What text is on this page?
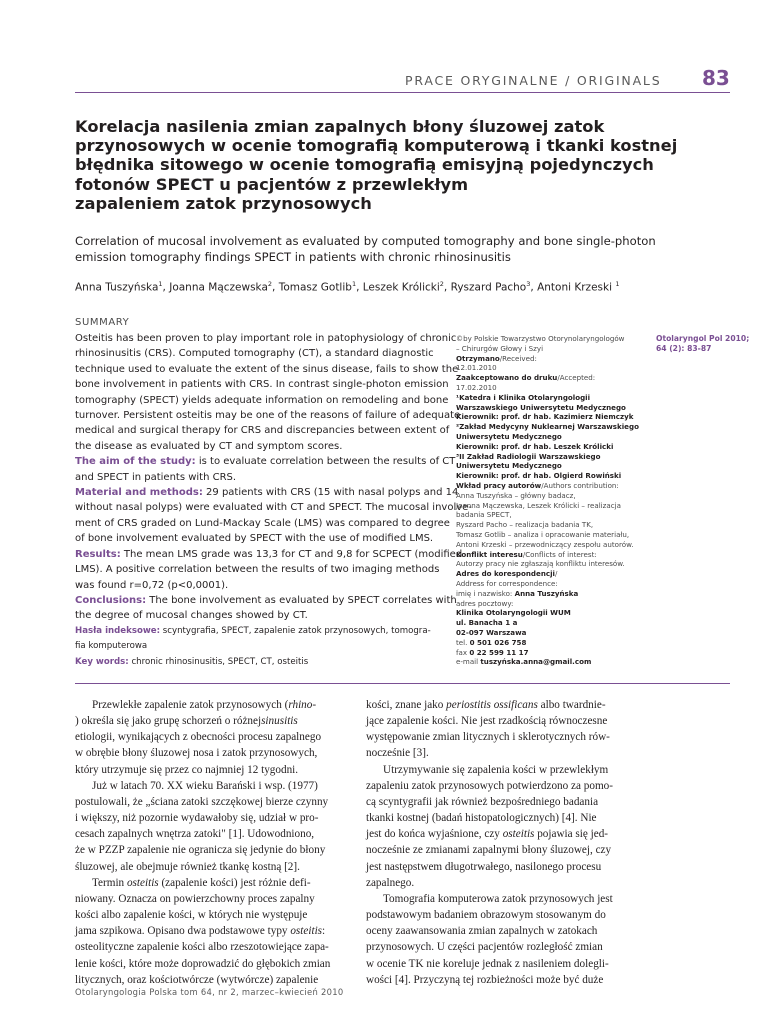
PRACE ORYGINALNE / ORIGINALS 83
Korelacja nasilenia zmian zapalnych błony śluzowej zatok
przynosowych w ocenie tomografią komputerową i tkanki kostnej
błędnika sitowego w ocenie tomografią emisyjną pojedynczych
fotonów SPECT u pacjentów z przewlekłym
zapaleniem zatok przynosowych
Correlation of mucosal involvement as evaluated by computed tomography and bone single-photon
emission tomography findings SPECT in patients with chronic rhinosinusitis
Anna Tuszyńska$^1$, Joanna Mączewska$^2$, Tomasz Gotlib$^1$, Leszek Królicki$^2$, Ryszard Pacho$^3$, Antoni Krzeski $^1$
SUMMARY
Osteitis has been proven to play important role in patophysiology of chronic
rhinosinusitis (CRS). Computed tomography (CT), a standard diagnostic
technique used to evaluate the extent of the sinus disease, fails to show the
bone involvement in patients with CRS. In contrast single-photon emission
tomography (SPECT) yields adequate information on remodeling and bone
turnover. Persistent osteitis may be one of the reasons of failure of adequate
medical and surgical therapy for CRS and discrepancies between extent of
the disease as evaluated by CT and symptom scores.
The aim of the study: is to evaluate correlation between the results of CT
and SPECT in patients with CRS.
Material and methods: 29 patients with CRS (15 with nasal polyps and 14
without nasal polyps) were evaluated with CT and SPECT. The mucosal involve-
ment of CRS graded on Lund-Mackay Scale (LMS) was compared to degree
of bone involvement evaluated by SPECT with the use of modified LMS.
Results: The mean LMS grade was 13,3 for CT and 9,8 for SCPECT (modified
LMS). A positive correlation between the results of two imaging methods
was found r=0,72 (p<0,0001).
Conclusions: The bone involvement as evaluated by SPECT correlates with
the degree of mucosal changes showed by CT.
Hasła indeksowe: scyntygrafia, SPECT, zapalenie zatok przynosowych, tomogra-
fia komputerowa
Key words: chronic rhinosinusitis, SPECT, CT, osteitis
©by Polskie Towarzystwo Otorynolaryngologów
– Chirurgów Głowy i Szyi
Otrzymano/Received:
12.01.2010
Zaakceptowano do druku/Accepted:
17.02.2010
¹Katedra i Klinika Otolaryngologii
Warszawskiego Uniwersytetu Medycznego
Kierownik: prof. dr hab. Kazimierz Niemczyk
²Zakład Medycyny Nuklearnej Warszawskiego
Uniwersytetu Medycznego
Kierownik: prof. dr hab. Leszek Królicki
³II Zakład Radiologii Warszawskiego
Uniwersytetu Medycznego
Kierownik: prof. dr hab. Olgierd Rowiński
Wkład pracy autorów/Authors contribution:
Anna Tuszyńska – główny badacz,
Joanna Mączewska, Leszek Królicki – realizacja
badania SPECT,
Ryszard Pacho – realizacja badania TK,
Tomasz Gotlib – analiza i opracowanie materiału,
Antoni Krzeski – przewodniczący zespołu autorów.
Konflikt interesu/Conflicts of interest:
Autorzy pracy nie zgłaszają konfliktu interesów.
Adres do korespondencji/
Address for correspondence:
imię i nazwisko: Anna Tuszyńska
adres pocztowy:
Klinika Otolaryngologii WUM
ul. Banacha 1 a
02-097 Warszawa
tel. 0 501 026 758
fax 0 22 599 11 17
e-mail tuszyńska.anna@gmail.com
Otolaryngol Pol 2010;
64 (2): 83-87
Przewlekłe zapalenie zatok przynosowych (rhino-
) określa się jako grupę schorzeń o różnejsinusitis
etiologii, wynikających z obecności procesu zapalnego
w obrębie błony śluzowej nosa i zatok przynosowych,
który utrzymuje się przez co najmniej 12 tygodni.
Już w latach 70. XX wieku Barański i wsp. (1977)
postulowali, że „ściana zatoki szczękowej bierze czynny
i większy, niż pozornie wydawałoby się, udział w pro-
cesach zapalnych wnętrza zatoki" [1]. Udowodniono,
że w PZZP zapalenie nie ogranicza się jedynie do błony
śluzowej, ale obejmuje również tkankę kostną [2].
Termin osteitis (zapalenie kości) jest różnie defi-
niowany. Oznacza on powierzchowny proces zapalny
kości albo zapalenie kości, w których nie występuje
jama szpikowa. Opisano dwa podstawowe typy osteitis:
osteolityczne zapalenie kości albo rzeszotowiejące zapa-
lenie kości, które może doprowadzić do głębokich zmian
litycznych, oraz kościotwórcze (wytwórcze) zapalenie
kości, znane jako periostitis ossificans albo twardnie-
jące zapalenie kości. Nie jest rzadkością równoczesne
występowanie zmian litycznych i sklerotycznych rów-
nocześnie [3].
Utrzymywanie się zapalenia kości w przewlekłym
zapaleniu zatok przynosowych potwierdzono za pomo-
cą scyntygrafii jak również bezpośredniego badania
tkanki kostnej (badań histopatologicznych) [4]. Nie
jest do końca wyjaśnione, czy osteitis pojawia się jed-
nocześnie ze zmianami zapalnymi błony śluzowej, czy
jest następstwem długotrwałego, nasilonego procesu
zapalnego.
Tomografia komputerowa zatok przynosowych jest
podstawowym badaniem obrazowym stosowanym do
oceny zaawansowania zmian zapalnych w zatokach
przynosowych. U części pacjentów rozległość zmian
w ocenie TK nie koreluje jednak z nasileniem dolegli-
wości [4]. Przyczyną tej rozbieżności może być duże
Otolaryngologia Polska tom 64, nr 2, marzec–kwiecień 2010
